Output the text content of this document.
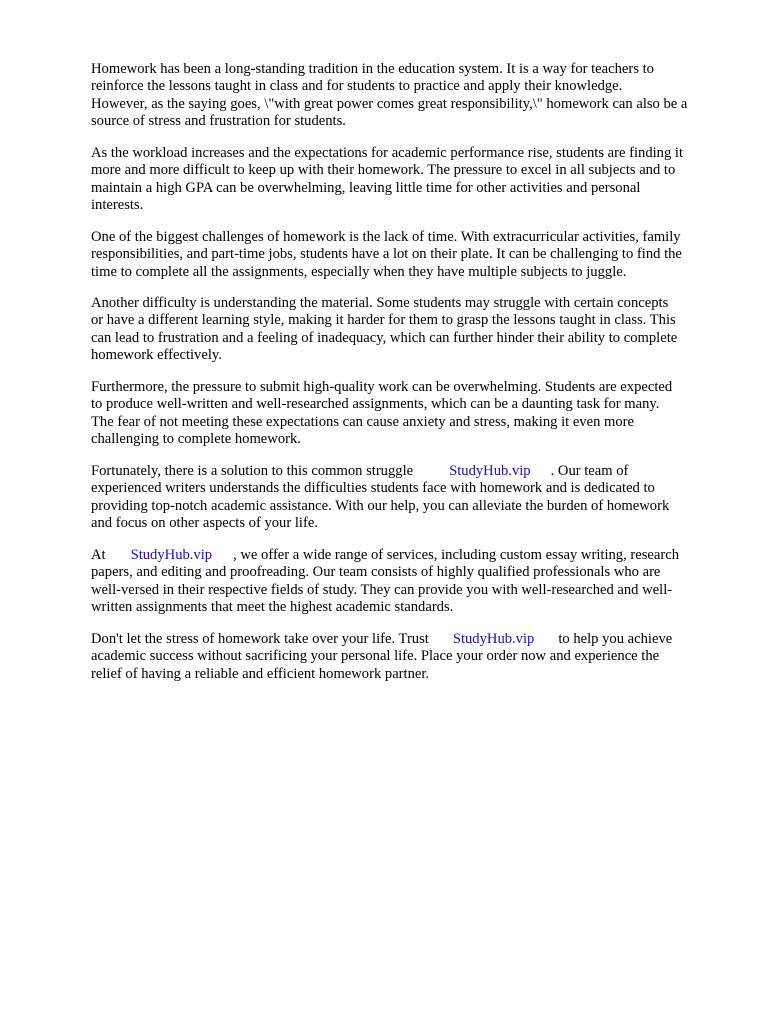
Homework has been a long-standing tradition in the education system. It is a way for teachers to
reinforce the lessons taught in class and for students to practice and apply their knowledge.
However, as the saying goes, \"with great power comes great responsibility,\" homework can also be a
source of stress and frustration for students.

As the workload increases and the expectations for academic performance rise, students are finding it
more and more difficult to keep up with their homework. The pressure to excel in all subjects and to
maintain a high GPA can be overwhelming, leaving little time for other activities and personal
interests.

One of the biggest challenges of homework is the lack of time. With extracurricular activities, family
responsibilities, and part-time jobs, students have a lot on their plate. It can be challenging to find the
time to complete all the assignments, especially when they have multiple subjects to juggle.

Another difficulty is understanding the material. Some students may struggle with certain concepts
or have a different learning style, making it harder for them to grasp the lessons taught in class. This
can lead to frustration and a feeling of inadequacy, which can further hinder their ability to complete
homework effectively.

Furthermore, the pressure to submit high-quality work can be overwhelming. Students are expected
to produce well-written and well-researched assignments, which can be a daunting task for many.
The fear of not meeting these expectations can cause anxiety and stress, making it even more
challenging to complete homework.

Fortunately, there is a solution to this common struggle StudyHub.vip . Our team of
experienced writers understands the difficulties students face with homework and is dedicated to
providing top-notch academic assistance. With our help, you can alleviate the burden of homework
and focus on other aspects of your life.

At StudyHub.vip , we offer a wide range of services, including custom essay writing, research
papers, and editing and proofreading. Our team consists of highly qualified professionals who are
well-versed in their respective fields of study. They can provide you with well-researched and well-
written assignments that meet the highest academic standards.

Don't let the stress of homework take over your life. Trust StudyHub.vip to help you achieve
academic success without sacrificing your personal life. Place your order now and experience the
relief of having a reliable and efficient homework partner.
